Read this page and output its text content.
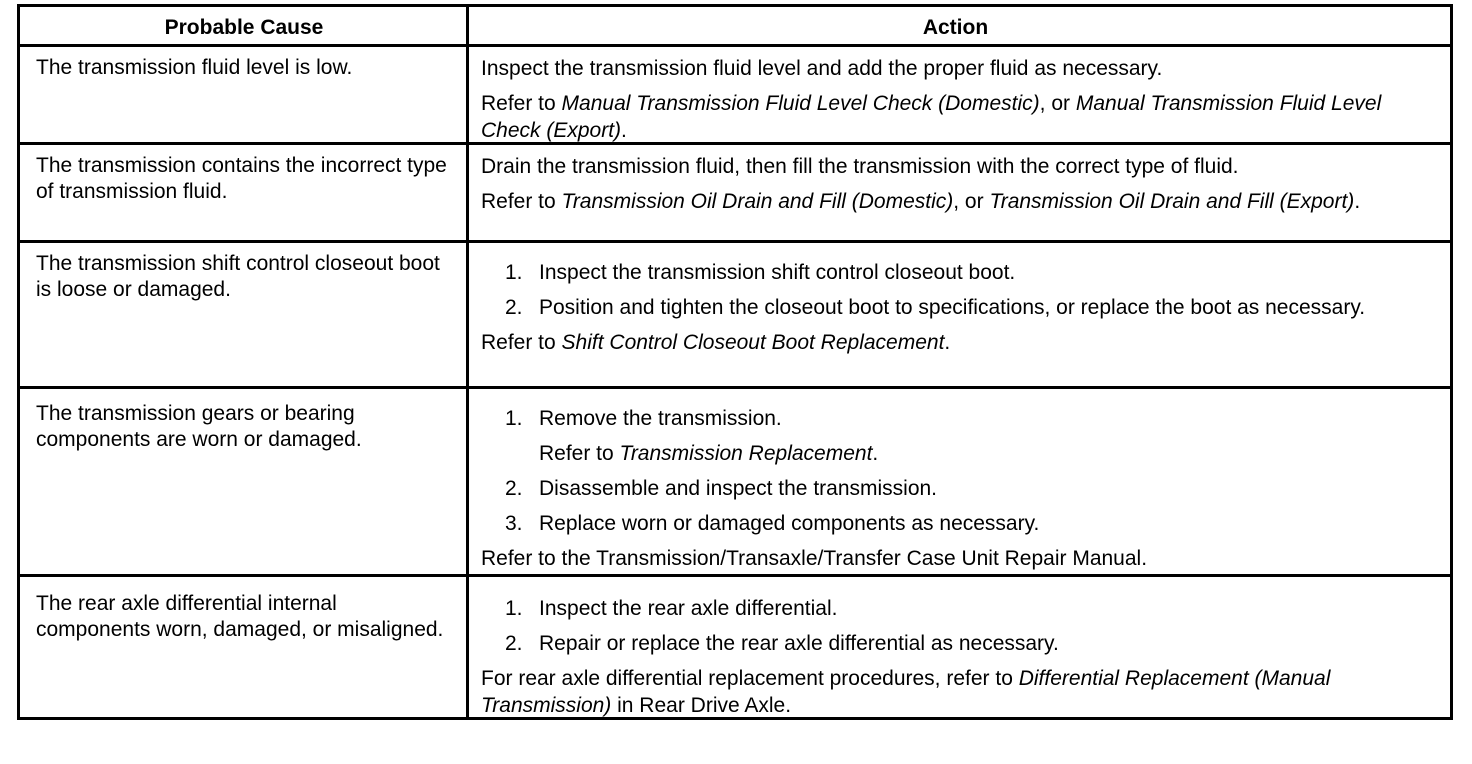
Probable Cause	Action
The transmission fluid level is low.	Inspect the transmission fluid level and add the proper fluid as necessary.

Refer to Manual Transmission Fluid Level Check (Domestic), or Manual Transmission Fluid Level Check (Export).

The transmission contains the incorrect type of transmission fluid.

Drain the transmission fluid, then fill the transmission with the correct type of fluid.

Refer to Transmission Oil Drain and Fill (Domestic), or Transmission Oil Drain and Fill (Export).

The transmission shift control closeout boot is loose or damaged.
1. Inspect the transmission shift control closeout boot.
2. Position and tighten the closeout boot to specifications, or replace the boot as necessary.

Refer to Shift Control Closeout Boot Replacement.

The transmission gears or bearing components are worn or damaged.
1. Remove the transmission.
Refer to Transmission Replacement.
2. Disassemble and inspect the transmission.
3. Replace worn or damaged components as necessary.

Refer to the Transmission/Transaxle/Transfer Case Unit Repair Manual.

The rear axle differential internal components worn, damaged, or misaligned.
1. Inspect the rear axle differential.
2. Repair or replace the rear axle differential as necessary.

For rear axle differential replacement procedures, refer to Differential Replacement (Manual Transmission) in Rear Drive Axle.
